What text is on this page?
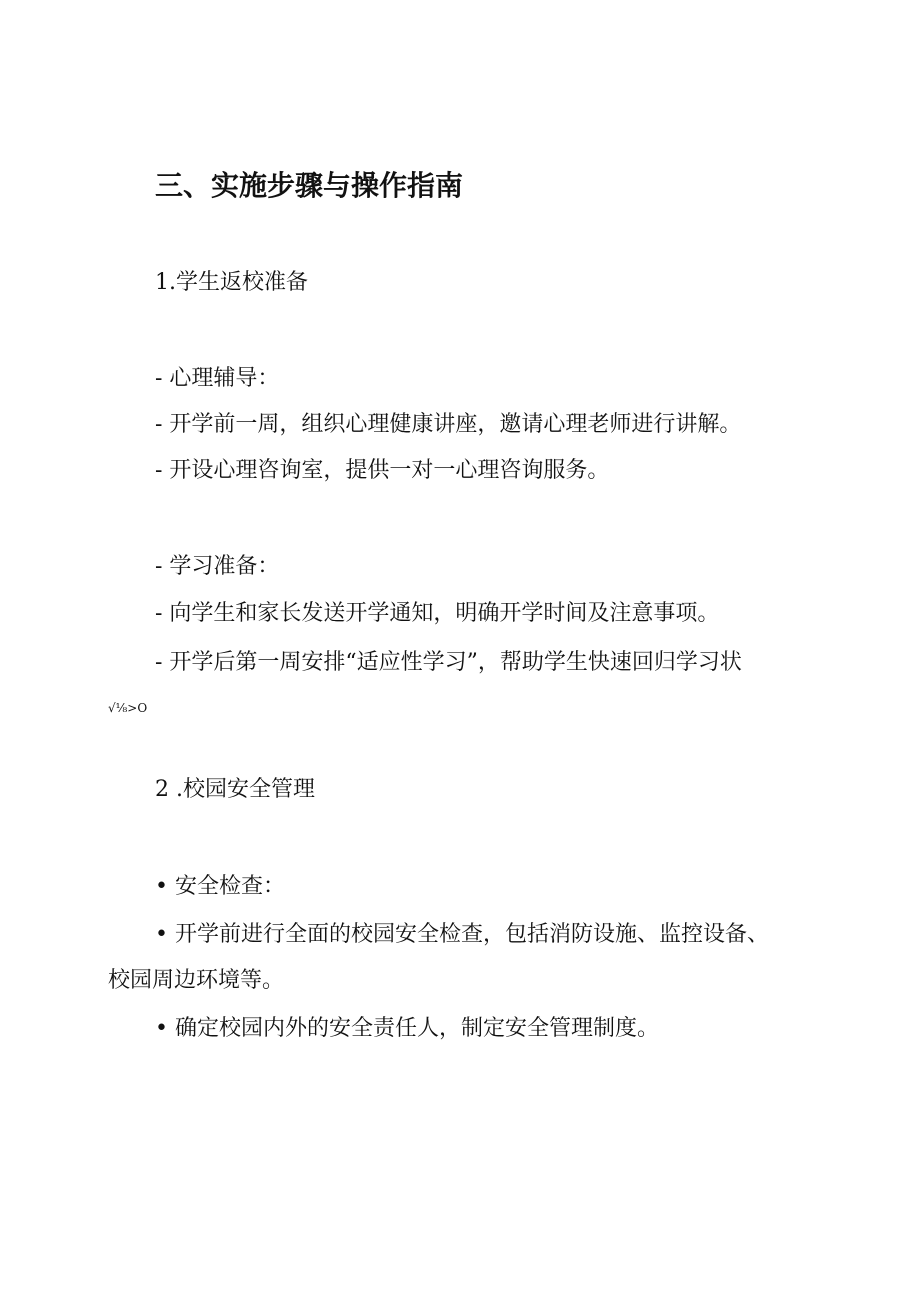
三、实施步骤与操作指南
1.学生返校准备
- 心理辅导：
- 开学前一周，组织心理健康讲座，邀请心理老师进行讲解。
- 开设心理咨询室，提供一对一心理咨询服务。
- 学习准备：
- 向学生和家长发送开学通知，明确开学时间及注意事项。
- 开学后第一周安排“适应性学习”，帮助学生快速回归学习状
√⅛>O
2 .校园安全管理
• 安全检查：
• 开学前进行全面的校园安全检查，包括消防设施、监控设备、
校园周边环境等。
• 确定校园内外的安全责任人，制定安全管理制度。
